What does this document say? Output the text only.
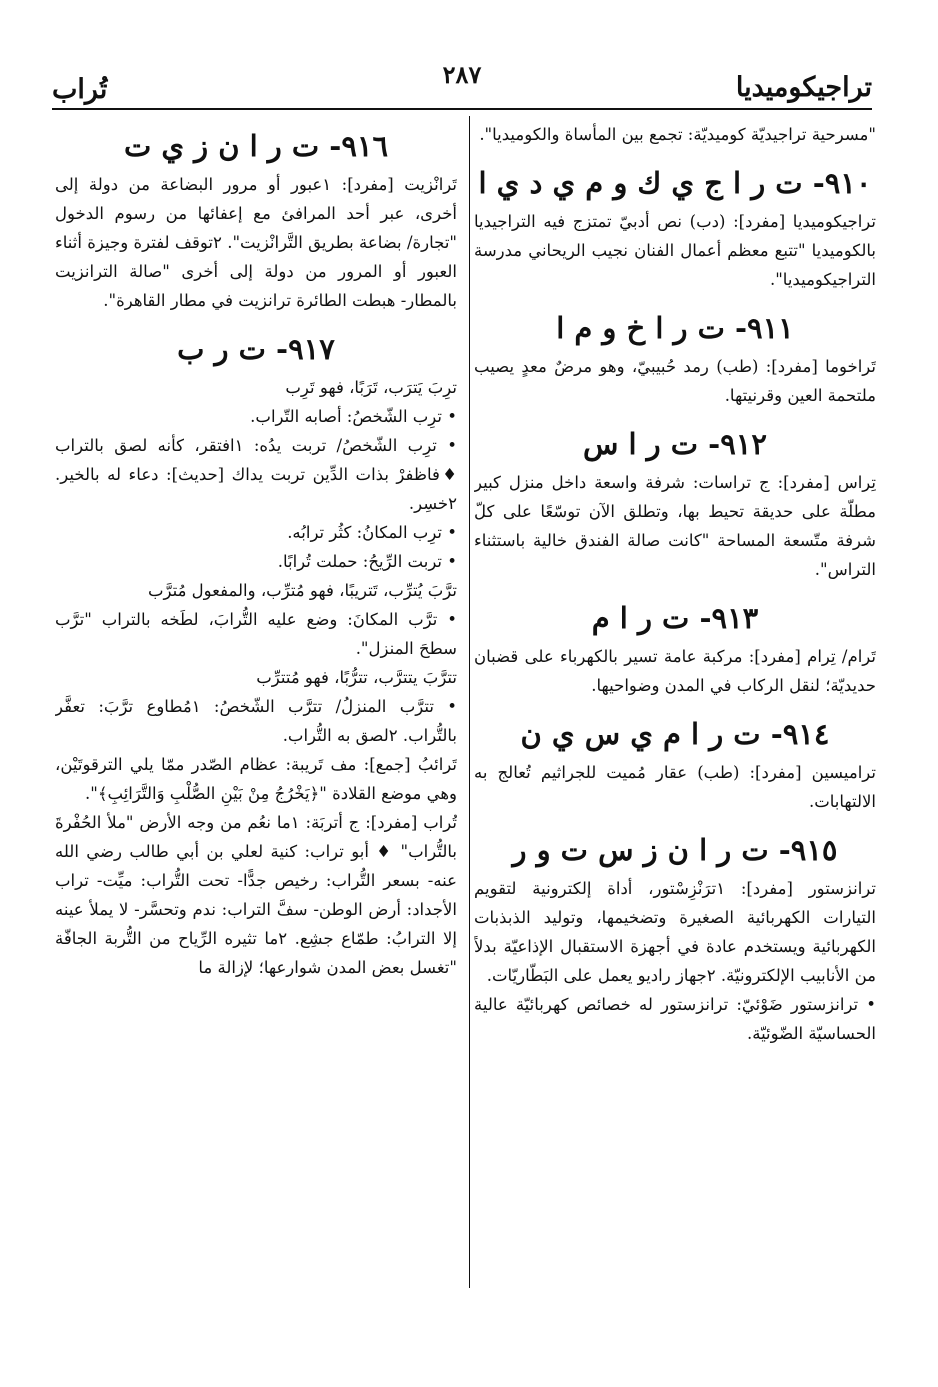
تراجيكوميديا
٢٨٧
تُراب

"مسرحية تراجيديّة كوميديّة: تجمع بين المأساة والكوميديا".

٩١٠- ت ر ا ج ي ك و م ي د ي ا

تراجيكوميديا [مفرد]: (دب) نص أدبيّ تمتزج فيه التراجيديا بالكوميديا "تتبع معظم أعمال الفنان نجيب الريحاني مدرسة التراجيكوميديا".

٩١١- ت ر ا خ و م ا

تَراخوما [مفرد]: (طب) رمد حُبيبيّ، وهو مرضٌ معدٍ يصيب ملتحمة العين وقرنيتها.

٩١٢- ت ر ا س

تِراس [مفرد]: ج تراسات: شرفة واسعة داخل منزل كبير مطلّة على حديقة تحيط بها، وتطلق الآن توسّعًا على كلّ شرفة متّسعة المساحة "كانت صالة الفندق خالية باستثناء التراس".

٩١٣- ت ر ا م

تَرام/ تِرام [مفرد]: مركبة عامة تسير بالكهرباء على قضبان حديديّة؛ لنقل الركاب في المدن وضواحيها.

٩١٤- ت ر ا م ي س ي ن

تراميسين [مفرد]: (طب) عقار مُميت للجراثيم تُعالج به الالتهابات.

٩١٥- ت ر ا ن ز س ت و ر

ترانزستور [مفرد]: ١ترَنْزِسْتور، أداة إلكترونية لتقويم التيارات الكهربائية الصغيرة وتضخيمها، وتوليد الذبذبات الكهربائية ويستخدم عادة في أجهزة الاستقبال الإذاعيّة بدلاً من الأنابيب الإلكترونيّة. ٢جهاز راديو يعمل على البَطّاريّات.

• ترانزستور ضَوْئيّ: ترانزستور له خصائص كهربائيّة عالية الحساسيّة الضّوئيّة.

٩١٦- ت ر ا ن ز ي ت

تَرانْزيت [مفرد]: ١عبور أو مرور البضاعة من دولة إلى أخرى، عبر أحد المرافئ مع إعفائها من رسوم الدخول "تجارة/ بضاعة بطريق التَّرانْزيت". ٢توقف لفترة وجيزة أثناء العبور أو المرور من دولة إلى أخرى "صالة الترانزيت بالمطار- هبطت الطائرة ترانزيت في مطار القاهرة".

٩١٧- ت ر ب

ترِبَ يَترَب، تَرَبًا، فهو تَرِب

• ترِب الشّخصُ: أصابه التّراب.

• ترِب الشّخصُ/ تربت يدُه: ١افتقر، كأنه لصق بالتراب ♦فاظفرْ بذات الدِّين تربت يداك [حديث]: دعاء له بالخير. ٢خسِر.

• ترِب المكانُ: كثُر ترابُه.

• تربت الرِّيحُ: حملت تُرابًا.

ترَّبَ يُترِّب، تَتريبًا، فهو مُترِّب، والمفعول مُترَّب

• ترَّب المكانَ: وضع عليه التُّرابَ، لطَخه بالتراب "ترَّب سطحَ المنزل".

تترَّبَ يتترَّب، تترُّبًا، فهو مُتترِّب

• تترَّب المنزلُ/ تترَّب الشّخصُ: ١مُطاوع ترَّبَ: تعفَّر بالتُّراب. ٢لصق به التُّراب.

تَرائبُ [جمع]: مف تَريبة: عظام الصّدر ممّا يلي الترقوتَيْن، وهي موضع القلادة "﴿يَخْرُجُ مِنْ بَيْنِ الصُّلْبِ وَالتَّرَائِبِ﴾".

تُراب [مفرد]: ج أتربَة: ١ما نعُم من وجه الأرض "ملأ الحُفْرةَ بالتُّراب" ♦ أبو تراب: كنية لعلي بن أبي طالب رضي الله عنه- بسعر التُّراب: رخيص جدًّا- تحت التُّراب: ميِّت- تراب الأجداد: أرض الوطن- سفَّ التراب: ندم وتحسَّر- لا يملأ عينه إلا الترابُ: طمّاع جشِع. ٢ما تثيره الرِّياح من التُّربة الجافّة "تغسل بعض المدن شوارعها؛ لإزالة ما
